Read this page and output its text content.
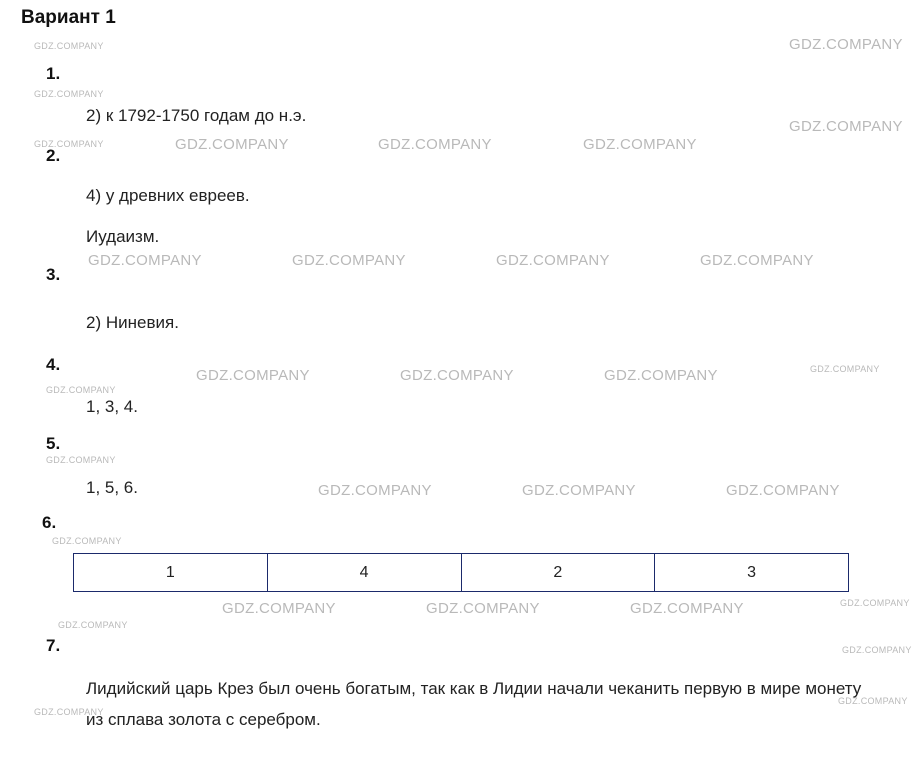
Вариант 1
1.
2.
3.
4.
5.
6.
7.
2) к 1792-1750 годам до н.э.
4) у древних евреев.
Иудаизм.
2) Ниневия.
1, 3, 4.
1, 5, 6.
1	4	2	3
Лидийский царь Крез был очень богатым, так как в Лидии начали чеканить первую в мире монету из сплава золота с серебром.
GDZ.COMPANY	GDZ.COMPANY
GDZ.COMPANY
GDZ.COMPANY
GDZ.COMPANY	GDZ.COMPANY	GDZ.COMPANY	GDZ.COMPANY
GDZ.COMPANY	GDZ.COMPANY	GDZ.COMPANY	GDZ.COMPANY
GDZ.COMPANY	GDZ.COMPANY	GDZ.COMPANY	GDZ.COMPANY
GDZ.COMPANY
GDZ.COMPANY
GDZ.COMPANY	GDZ.COMPANY	GDZ.COMPANY
GDZ.COMPANY
GDZ.COMPANY	GDZ.COMPANY	GDZ.COMPANY	GDZ.COMPANY
GDZ.COMPANY
GDZ.COMPANY
GDZ.COMPANY
GDZ.COMPANY
